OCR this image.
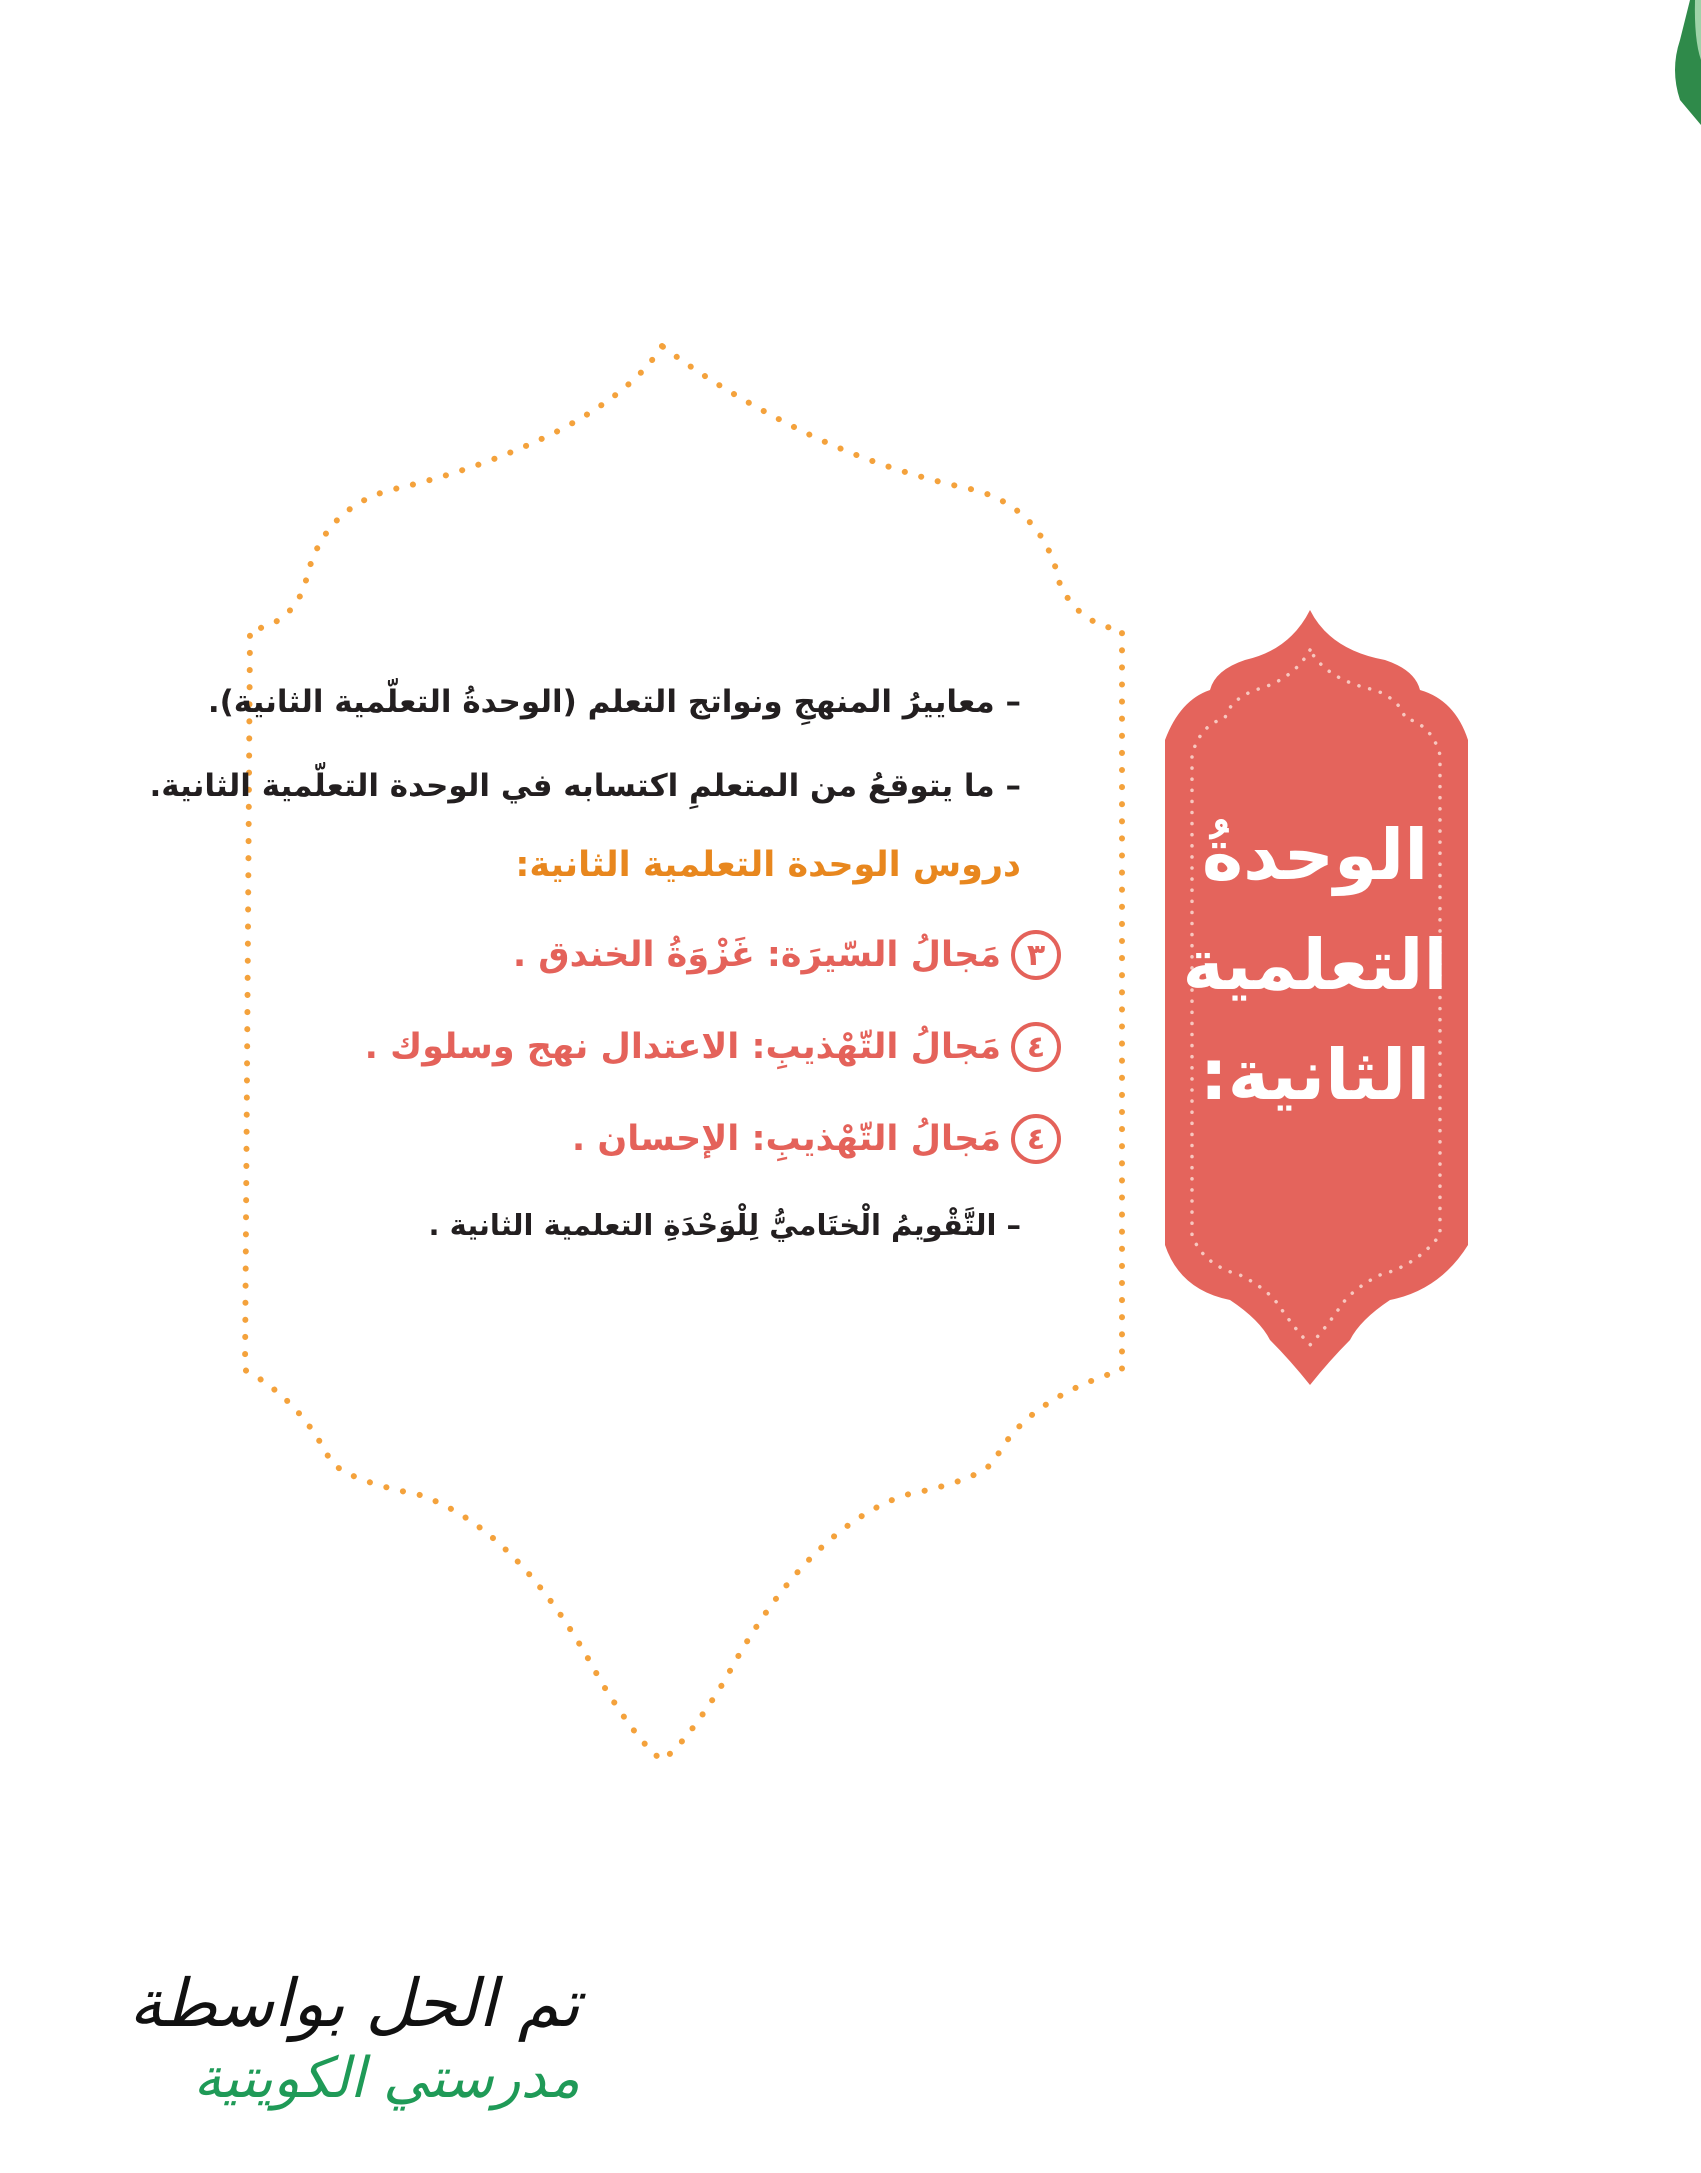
– معاييرُ المنهجِ ونواتج التعلم (الوحدةُ التعلّمية الثانية).
– ما يتوقعُ من المتعلمِ اكتسابه في الوحدة التعلّمية الثانية.
دروس الوحدة التعلمية الثانية:
٣
مَجالُ السّيرَة: غَزْوَةُ الخندق .
٤
مَجالُ التّهْذيبِ: الاعتدال نهج وسلوك .
٤
مَجالُ التّهْذيبِ: الإحسان .
– التَّقْويمُ الْختَاميُّ لِلْوَحْدَةِ التعلمية الثانية .
الوحدةُ
التعلمية
الثانية:
تم الحل بواسطة
مدرستي الكويتية
